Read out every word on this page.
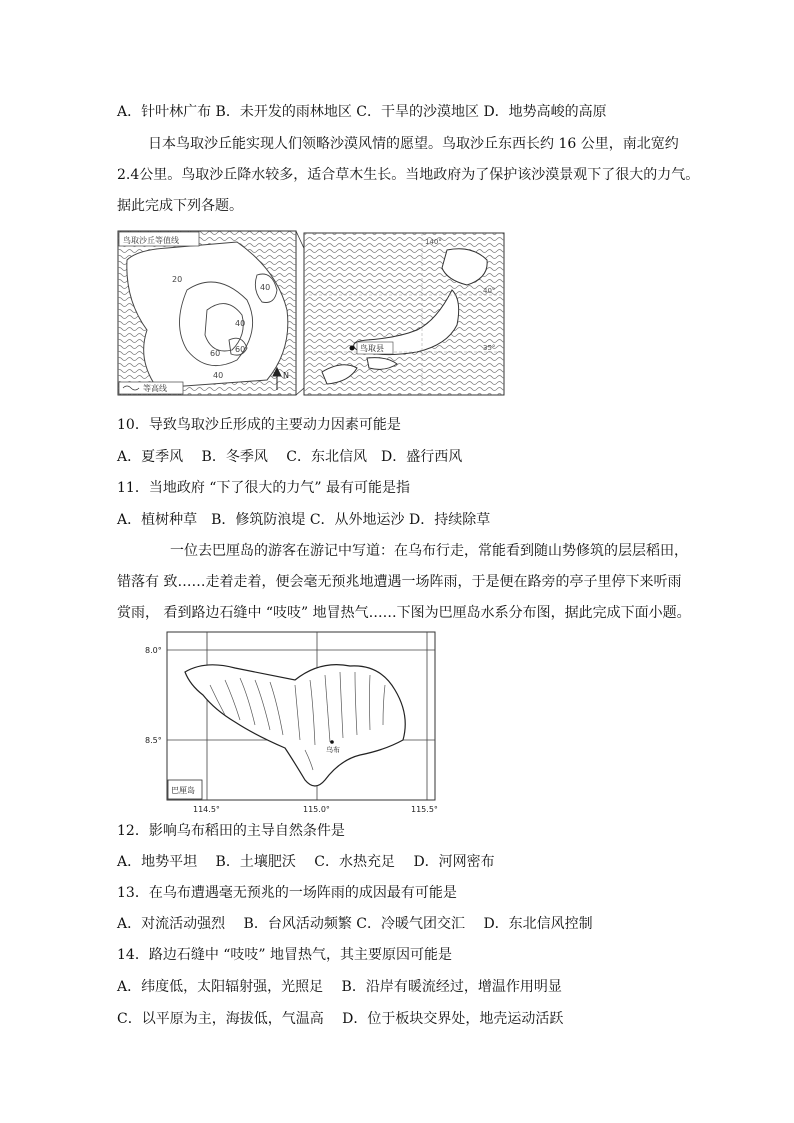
A．针叶林广布 B．未开发的雨林地区 C．干旱的沙漠地区 D．地势高峻的高原
日本鸟取沙丘能实现人们领略沙漠风情的愿望。鸟取沙丘东西长约 16 公里，南北宽约
2.4公里。鸟取沙丘降水较多，适合草木生长。当地政府为了保护该沙漠景观下了很大的力气。
据此完成下列各题。
鸟取沙丘等值线
20
40
60
40
60
40
等高线
N
140°
40°
35°
鸟取县
10．导致鸟取沙丘形成的主要动力因素可能是
A．夏季风　 B．冬季风　 C．东北信风　D．盛行西风
11．当地政府 “下了很大的力气” 最有可能是指
A．植树种草　B．修筑防浪堤 C．从外地运沙 D．持续除草
一位去巴厘岛的游客在游记中写道：在乌布行走，常能看到随山势修筑的层层稻田，
错落有 致……走着走着，便会毫无预兆地遭遇一场阵雨，于是便在路旁的亭子里停下来听雨
赏雨， 看到路边石缝中 “吱吱” 地冒热气……下图为巴厘岛水系分布图，据此完成下面小题。
乌布
巴厘岛
8.0°
8.5°
114.5°	115.0°	115.5°
12．影响乌布稻田的主导自然条件是
A．地势平坦　 B．土壤肥沃　 C．水热充足　 D．河网密布
13．在乌布遭遇毫无预兆的一场阵雨的成因最有可能是
A．对流活动强烈　 B．台风活动频繁 C．冷暖气团交汇　 D．东北信风控制
14．路边石缝中 “吱吱” 地冒热气，其主要原因可能是
A．纬度低，太阳辐射强，光照足　 B．沿岸有暖流经过，增温作用明显
C．以平原为主，海拔低，气温高　 D．位于板块交界处，地壳运动活跃
